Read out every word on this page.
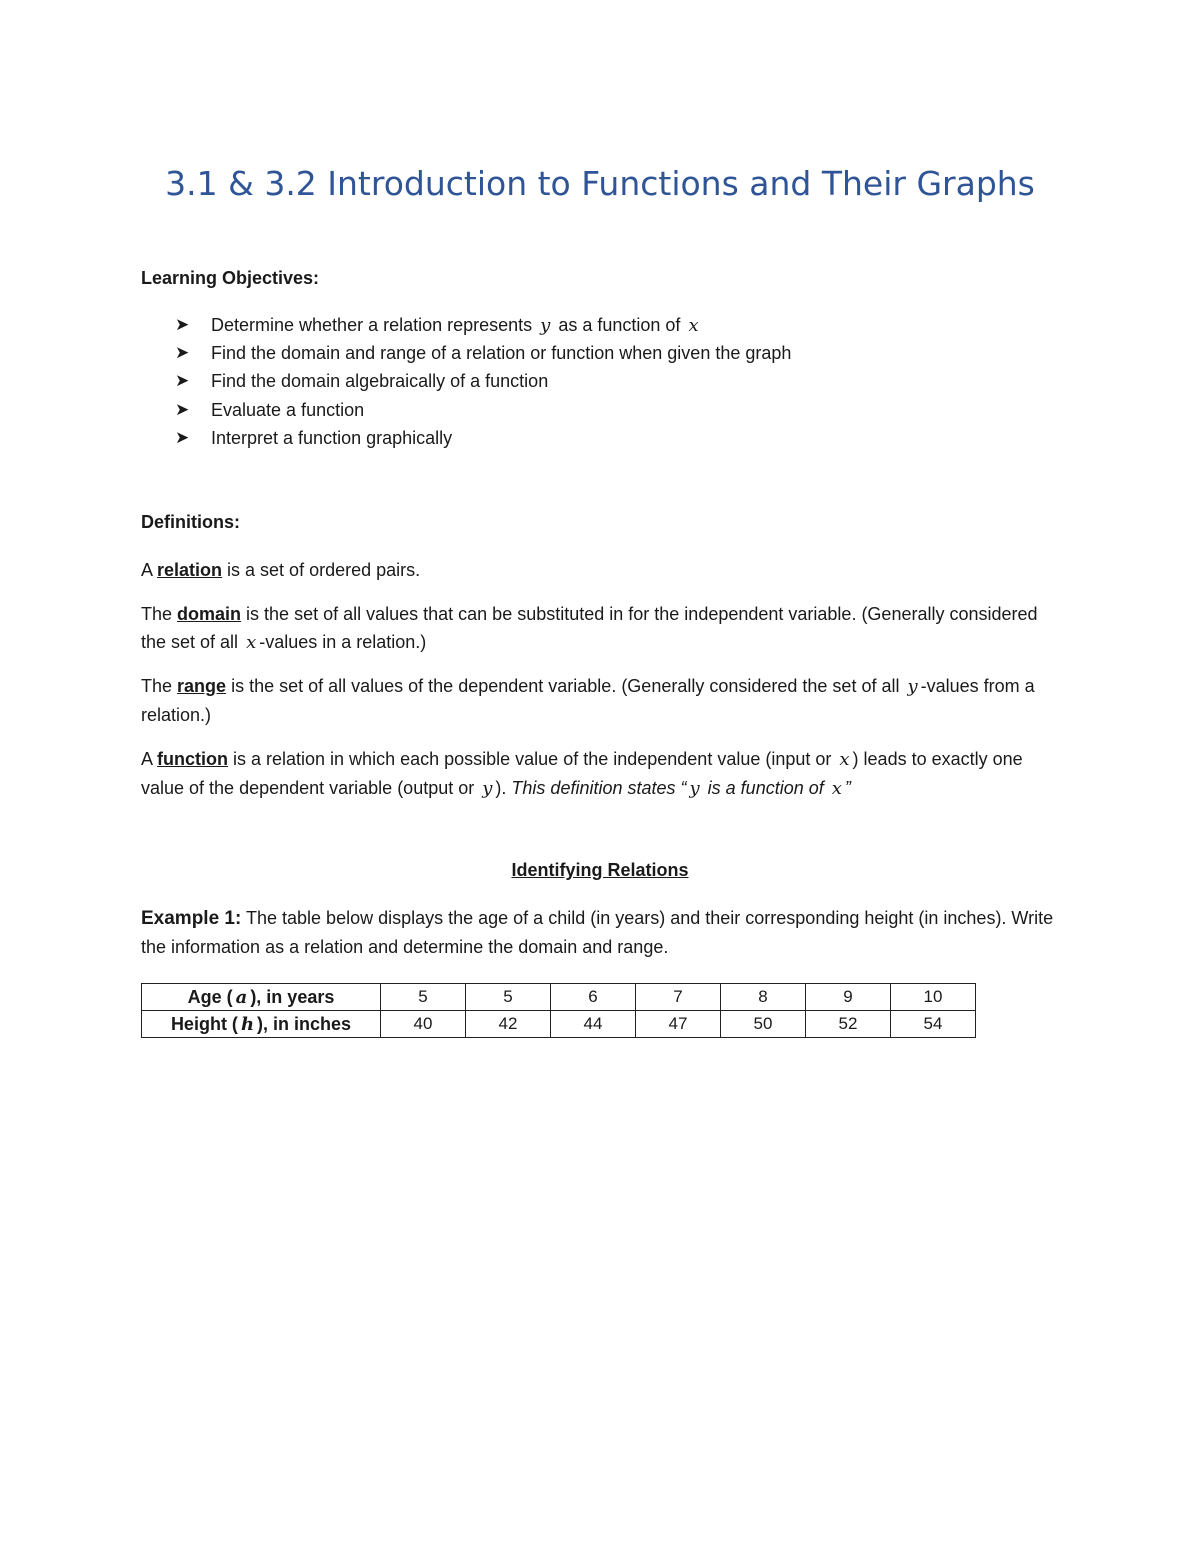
3.1 & 3.2 Introduction to Functions and Their Graphs
Learning Objectives:
➤	Determine whether a relation represents y as a function of x
➤	Find the domain and range of a relation or function when given the graph
➤	Find the domain algebraically of a function
➤	Evaluate a function
➤	Interpret a function graphically
Definitions:

A relation is a set of ordered pairs.

The domain is the set of all values that can be substituted in for the independent variable. (Generally considered the set of all x -values in a relation.)

The range is the set of all values of the dependent variable. (Generally considered the set of all y -values from a relation.)

A function is a relation in which each possible value of the independent value (input or x ) leads to exactly one value of the dependent variable (output or y ). This definition states “ y is a function of x ”

Identifying Relations

Example 1: The table below displays the age of a child (in years) and their corresponding height (in inches). Write the information as a relation and determine the domain and range.

Age ( a ), in years	5	5	6	7	8	9	10
Height ( h ), in inches	40	42	44	47	50	52	54
